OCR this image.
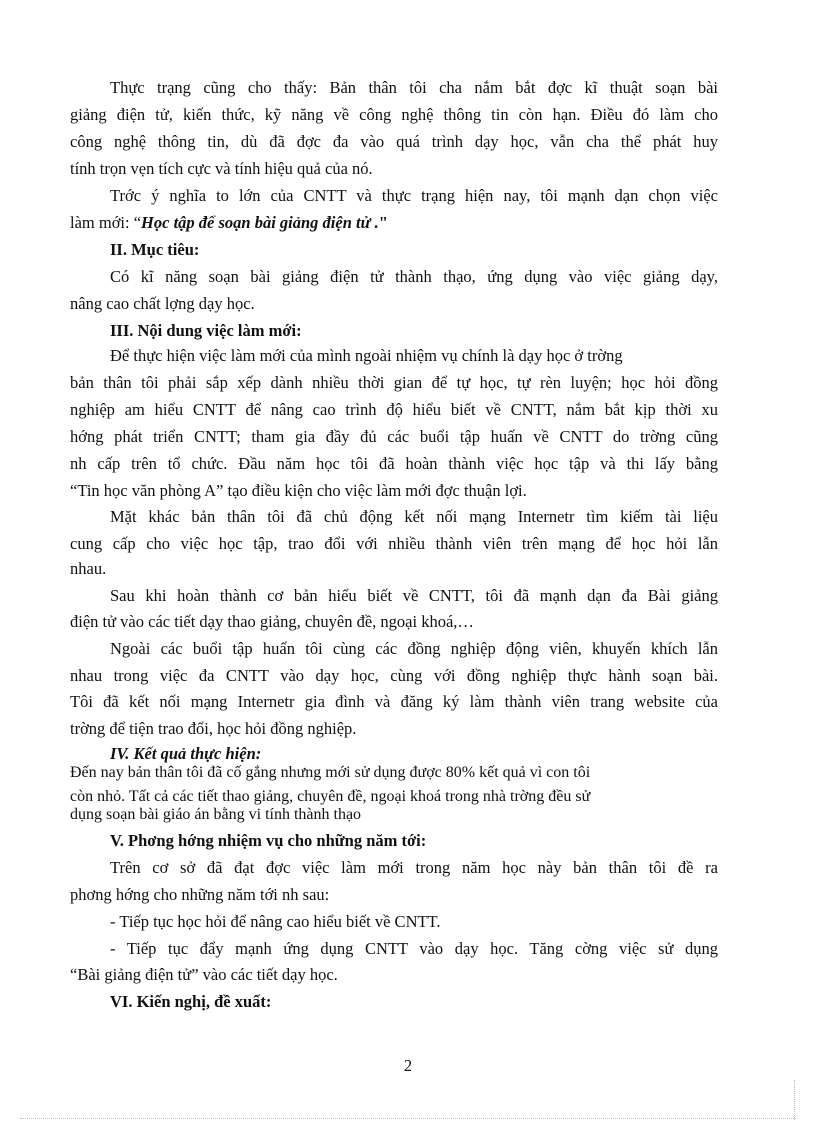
Thực trạng cũng cho thấy: Bản thân tôi cha nắm bắt đợc kĩ thuật soạn bài
giảng điện tử, kiến thức, kỹ năng về công nghệ thông tin còn hạn. Điều đó làm cho
công nghệ thông tin, dù đã đợc đa vào quá trình dạy học, vẫn cha thể phát huy
tính trọn vẹn tích cực và tính hiệu quả của nó.
Trớc ý nghĩa to lớn của CNTT và thực trạng hiện nay, tôi mạnh dạn chọn việc
làm mới: “Học tập để soạn bài giảng điện tử ."
II. Mục tiêu:
Có kĩ năng soạn bài giảng điện tử thành thạo, ứng dụng vào việc giảng dạy,
nâng cao chất lợng dạy học.
III. Nội dung việc làm mới:
Để thực hiện việc làm mới của mình ngoài nhiệm vụ chính là dạy học ở trờng
bản thân tôi phải sắp xếp dành nhiều thời gian để tự học, tự rèn luyện; học hỏi đồng
nghiệp am hiểu CNTT để nâng cao trình độ hiểu biết về CNTT, nắm bắt kịp thời xu
hớng phát triển CNTT; tham gia đầy đủ các buổi tập huấn về CNTT do trờng cũng
nh cấp trên tổ chức. Đầu năm học tôi đã hoàn thành việc học tập và thi lấy bằng
“Tin học văn phòng A” tạo điều kiện cho việc làm mới đợc thuận lợi.
Mặt khác bản thân tôi đã chủ động kết nối mạng Internetr tìm kiếm tài liệu
cung cấp cho việc học tập, trao đổi với nhiều thành viên trên mạng để học hỏi lẫn
nhau.
Sau khi hoàn thành cơ bản hiểu biết về CNTT, tôi đã mạnh dạn đa Bài giảng
điện tử vào các tiết dạy thao giảng, chuyên đề, ngoại khoá,…
Ngoài các buổi tập huấn tôi cùng các đồng nghiệp động viên, khuyến khích lẫn
nhau trong việc đa CNTT vào dạy học, cùng với đồng nghiệp thực hành soạn bài.
Tôi đã kết nối mạng Internetr gia đình và đăng ký làm thành viên trang website của
trờng để tiện trao đổi, học hỏi đồng nghiệp.
IV. Kết quả thực hiện:
Đến nay bản thân tôi đã cố gắng nhưng mới sử dụng được 80% kết quả vì con tôi
còn nhỏ. Tất cả các tiết thao giảng, chuyên đề, ngoại khoá trong nhà trờng đều sử
dụng soạn bài giáo án bằng vi tính thành thạo
V. Phơng hớng nhiệm vụ cho những năm tới:
Trên cơ sở đã đạt đợc việc làm mới trong năm học này bản thân tôi đề ra
phơng hớng cho những năm tới nh sau:
- Tiếp tục học hỏi để nâng cao hiểu biết về CNTT.
- Tiếp tục đẩy mạnh ứng dụng CNTT vào dạy học. Tăng cờng việc sử dụng
“Bài giảng điện tử” vào các tiết dạy học.
VI. Kiến nghị, đề xuất:
2
